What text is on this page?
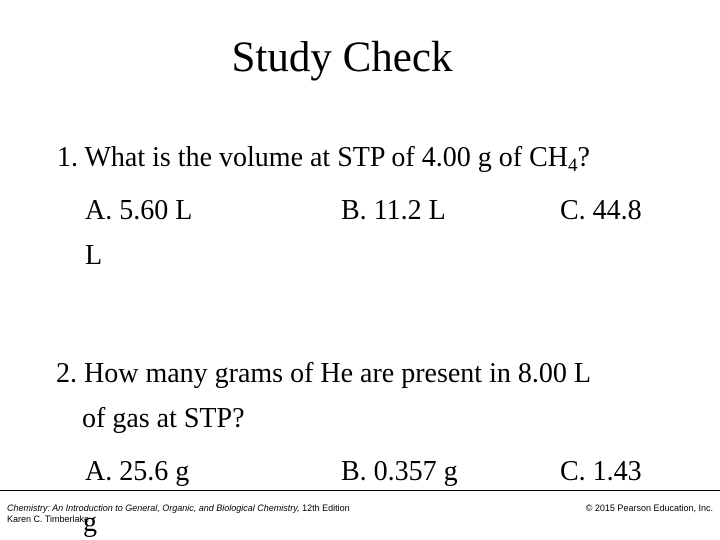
Study Check
1. What is the volume at STP of 4.00 g of $CH_4$?
A. 5.60 L	B. 11.2 L	C. 44.8
L
2. How many grams of He are present in 8.00 L
of gas at STP?
A. 25.6 g	B. 0.357 g	C. 1.43
Chemistry: An Introduction to General, Organic, and Biological Chemistry, 12th Edition
Karen C. Timberlake
© 2015 Pearson Education, Inc.
g
